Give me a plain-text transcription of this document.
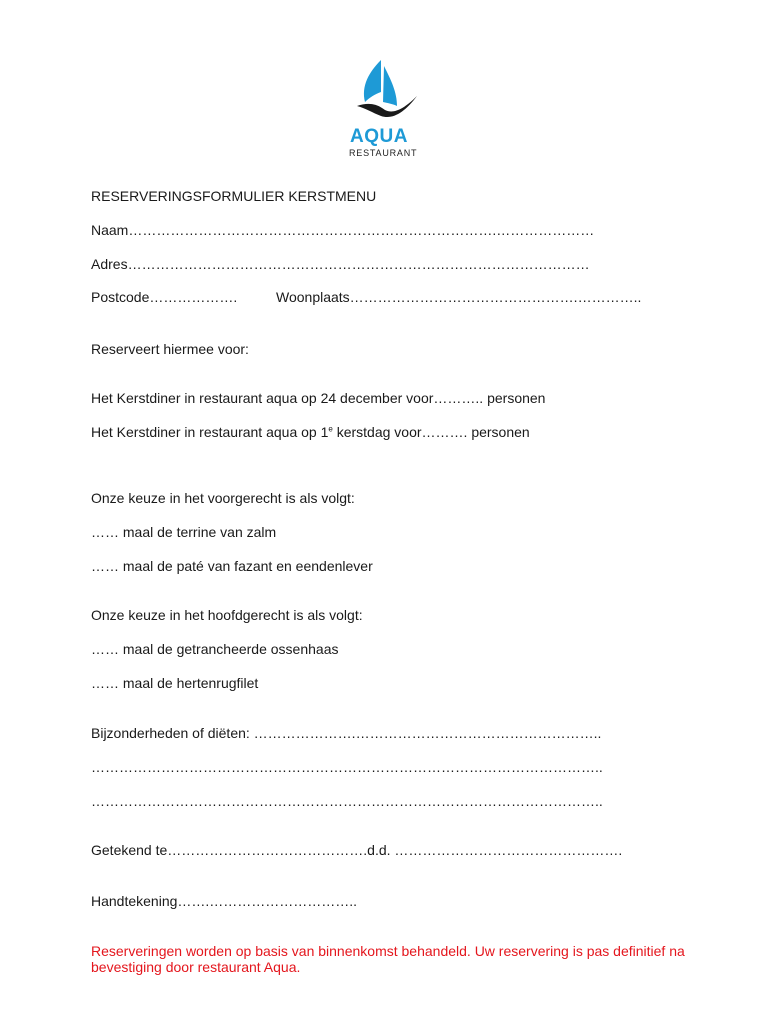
AQUA
RESTAURANT
RESERVERINGSFORMULIER KERSTMENU
Naam…………………………………………………………………….…………………
Adres………………………………………………………………………………………
Postcode……………….	Woonplaats………………………………………….…………..
Reserveert hiermee voor:
Het Kerstdiner in restaurant aqua op 24 december voor……….. personen
Het Kerstdiner in restaurant aqua op 1e kerstdag voor………. personen
Onze keuze in het voorgerecht is als volgt:
…… maal de terrine van zalm
…… maal de paté van fazant en eendenlever
Onze keuze in het hoofdgerecht is als volgt:
…… maal de getrancheerde ossenhaas
…… maal de hertenrugfilet
Bijzonderheden of diëten: ………………….……………………………………………..
………………………………………………………………………………………………..
………………………………………………………………………………………………..
Getekend te…………………………………….d.d. ………………………………………….
Handtekening…….…………………………..
Reserveringen worden op basis van binnenkomst behandeld. Uw reservering is pas definitief na bevestiging door restaurant Aqua.
